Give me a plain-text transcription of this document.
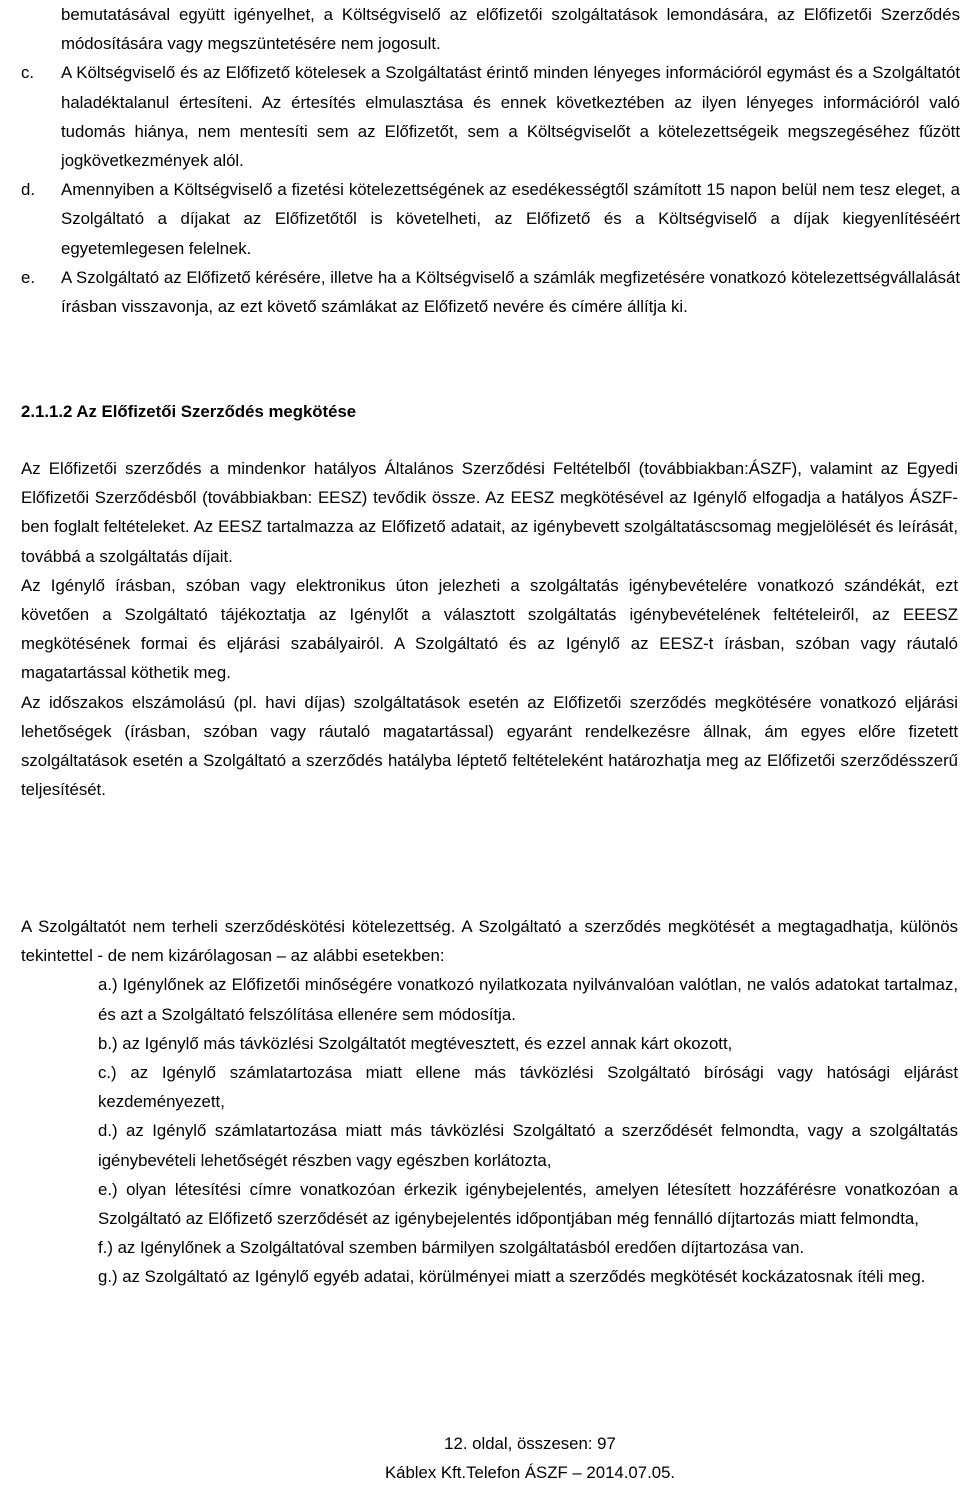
bemutatásával együtt igényelhet, a Költségviselő az előfizetői szolgáltatások lemondására, az Előfizetői Szerződés módosítására vagy megszüntetésére nem jogosult.
c. A Költségviselő és az Előfizető kötelesek a Szolgáltatást érintő minden lényeges információról egymást és a Szolgáltatót haladéktalanul értesíteni. Az értesítés elmulasztása és ennek következtében az ilyen lényeges információról való tudomás hiánya, nem mentesíti sem az Előfizetőt, sem a Költségviselőt a kötelezettségeik megszegéséhez fűzött jogkövetkezmények alól.
d. Amennyiben a Költségviselő a fizetési kötelezettségének az esedékességtől számított 15 napon belül nem tesz eleget, a Szolgáltató a díjakat az Előfizetőtől is követelheti, az Előfizető és a Költségviselő a díjak kiegyenlítéséért egyetemlegesen felelnek.
e. A Szolgáltató az Előfizető kérésére, illetve ha a Költségviselő a számlák megfizetésére vonatkozó kötelezettségvállalását írásban visszavonja, az ezt követő számlákat az Előfizető nevére és címére állítja ki.
2.1.1.2 Az Előfizetői Szerződés megkötése

Az Előfizetői szerződés a mindenkor hatályos Általános Szerződési Feltételből (továbbiakban:ÁSZF), valamint az Egyedi Előfizetői Szerződésből (továbbiakban: EESZ) tevődik össze. Az EESZ megkötésével az Igénylő elfogadja a hatályos ÁSZF-ben foglalt feltételeket. Az EESZ tartalmazza az Előfizető adatait, az igénybevett szolgáltatáscsomag megjelölését és leírását, továbbá a szolgáltatás díjait.

Az Igénylő írásban, szóban vagy elektronikus úton jelezheti a szolgáltatás igénybevételére vonatkozó szándékát, ezt követően a Szolgáltató tájékoztatja az Igénylőt a választott szolgáltatás igénybevételének feltételeiről, az EEESZ megkötésének formai és eljárási szabályairól. A Szolgáltató és az Igénylő az EESZ-t írásban, szóban vagy ráutaló magatartással köthetik meg.

Az időszakos elszámolású (pl. havi díjas) szolgáltatások esetén az Előfizetői szerződés megkötésére vonatkozó eljárási lehetőségek (írásban, szóban vagy ráutaló magatartással) egyaránt rendelkezésre állnak, ám egyes előre fizetett szolgáltatások esetén a Szolgáltató a szerződés hatályba léptető feltételeként határozhatja meg az Előfizetői szerződésszerű teljesítését.

A Szolgáltatót nem terheli szerződéskötési kötelezettség. A Szolgáltató a szerződés megkötését a megtagadhatja, különös tekintettel - de nem kizárólagosan – az alábbi esetekben:

a.) Igénylőnek az Előfizetői minőségére vonatkozó nyilatkozata nyilvánvalóan valótlan, ne valós adatokat tartalmaz, és azt a Szolgáltató felszólítása ellenére sem módosítja.
b.) az Igénylő más távközlési Szolgáltatót megtévesztett, és ezzel annak kárt okozott,
c.) az Igénylő számlatartozása miatt ellene más távközlési Szolgáltató bírósági vagy hatósági eljárást kezdeményezett,
d.) az Igénylő számlatartozása miatt más távközlési Szolgáltató a szerződését felmondta, vagy a szolgáltatás igénybevételi lehetőségét részben vagy egészben korlátozta,
e.) olyan létesítési címre vonatkozóan érkezik igénybejelentés, amelyen létesített hozzáférésre vonatkozóan a Szolgáltató az Előfizető szerződését az igénybejelentés időpontjában még fennálló díjtartozás miatt felmondta,
f.) az Igénylőnek a Szolgáltatóval szemben bármilyen szolgáltatásból eredően díjtartozása van.
g.) az Szolgáltató az Igénylő egyéb adatai, körülményei miatt a szerződés megkötését kockázatosnak ítéli meg.
12. oldal, összesen: 97
Káblex Kft.Telefon ÁSZF – 2014.07.05.
